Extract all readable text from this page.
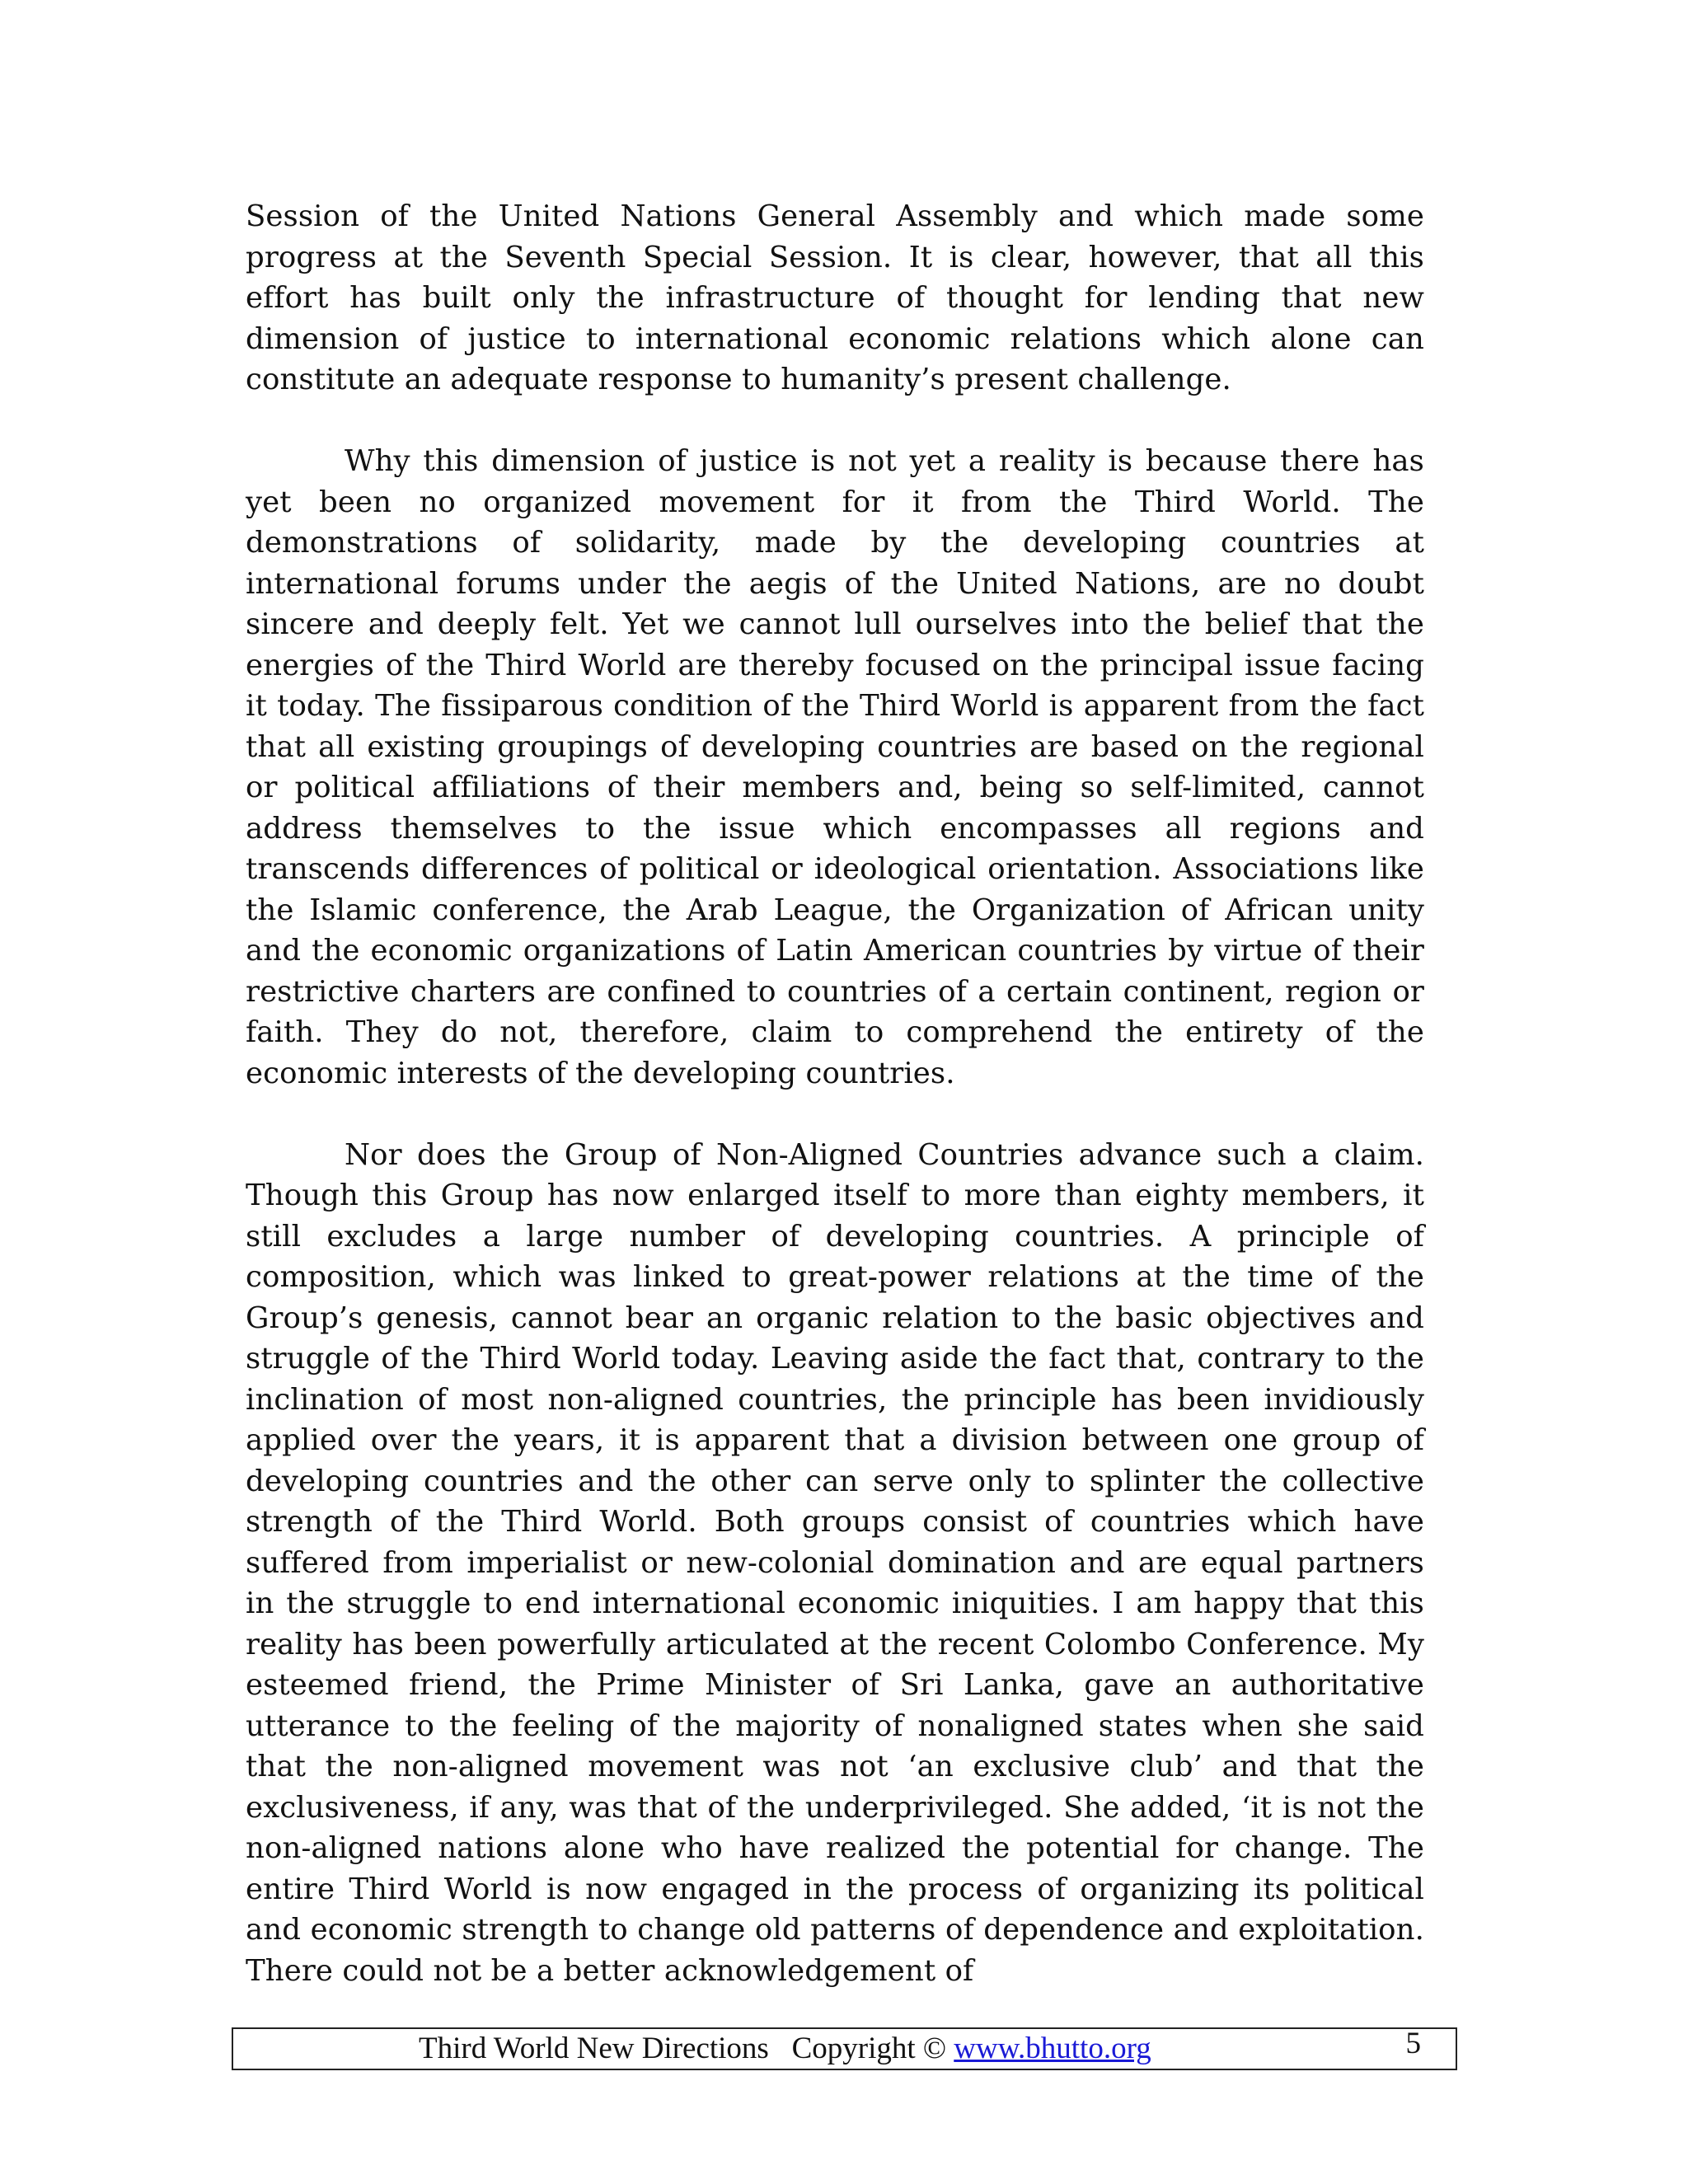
Session of the United Nations General Assembly and which made some progress at the Seventh Special Session. It is clear, however, that all this effort has built only the infrastructure of thought for lending that new dimension of justice to international economic relations which alone can constitute an adequate response to humanity’s present challenge.

Why this dimension of justice is not yet a reality is because there has yet been no organized movement for it from the Third World. The demonstrations of solidarity, made by the developing countries at international forums under the aegis of the United Nations, are no doubt sincere and deeply felt. Yet we cannot lull ourselves into the belief that the energies of the Third World are thereby focused on the principal issue facing it today. The fissiparous condition of the Third World is apparent from the fact that all existing groupings of developing countries are based on the regional or political affiliations of their members and, being so self-limited, cannot address themselves to the issue which encompasses all regions and transcends differences of political or ideological orientation. Associations like the Islamic conference, the Arab League, the Organization of African unity and the economic organizations of Latin American countries by virtue of their restrictive charters are confined to countries of a certain continent, region or faith. They do not, therefore, claim to comprehend the entirety of the economic interests of the developing countries.

Nor does the Group of Non-Aligned Countries advance such a claim. Though this Group has now enlarged itself to more than eighty members, it still excludes a large number of developing countries. A principle of composition, which was linked to great-power relations at the time of the Group’s genesis, cannot bear an organic relation to the basic objectives and struggle of the Third World today. Leaving aside the fact that, contrary to the inclination of most non-aligned countries, the principle has been invidiously applied over the years, it is apparent that a division between one group of developing countries and the other can serve only to splinter the collective strength of the Third World. Both groups consist of countries which have suffered from imperialist or new-colonial domination and are equal partners in the struggle to end international economic iniquities. I am happy that this reality has been powerfully articulated at the recent Colombo Conference. My esteemed friend, the Prime Minister of Sri Lanka, gave an authoritative utterance to the feeling of the majority of nonaligned states when she said that the non-aligned movement was not ‘an exclusive club’ and that the exclusiveness, if any, was that of the underprivileged. She added, ‘it is not the non-aligned nations alone who have realized the potential for change. The entire Third World is now engaged in the process of organizing its political and economic strength to change old patterns of dependence and exploitation. There could not be a better acknowledgement of

Third World New Directions Copyright © www.bhutto.org	5
